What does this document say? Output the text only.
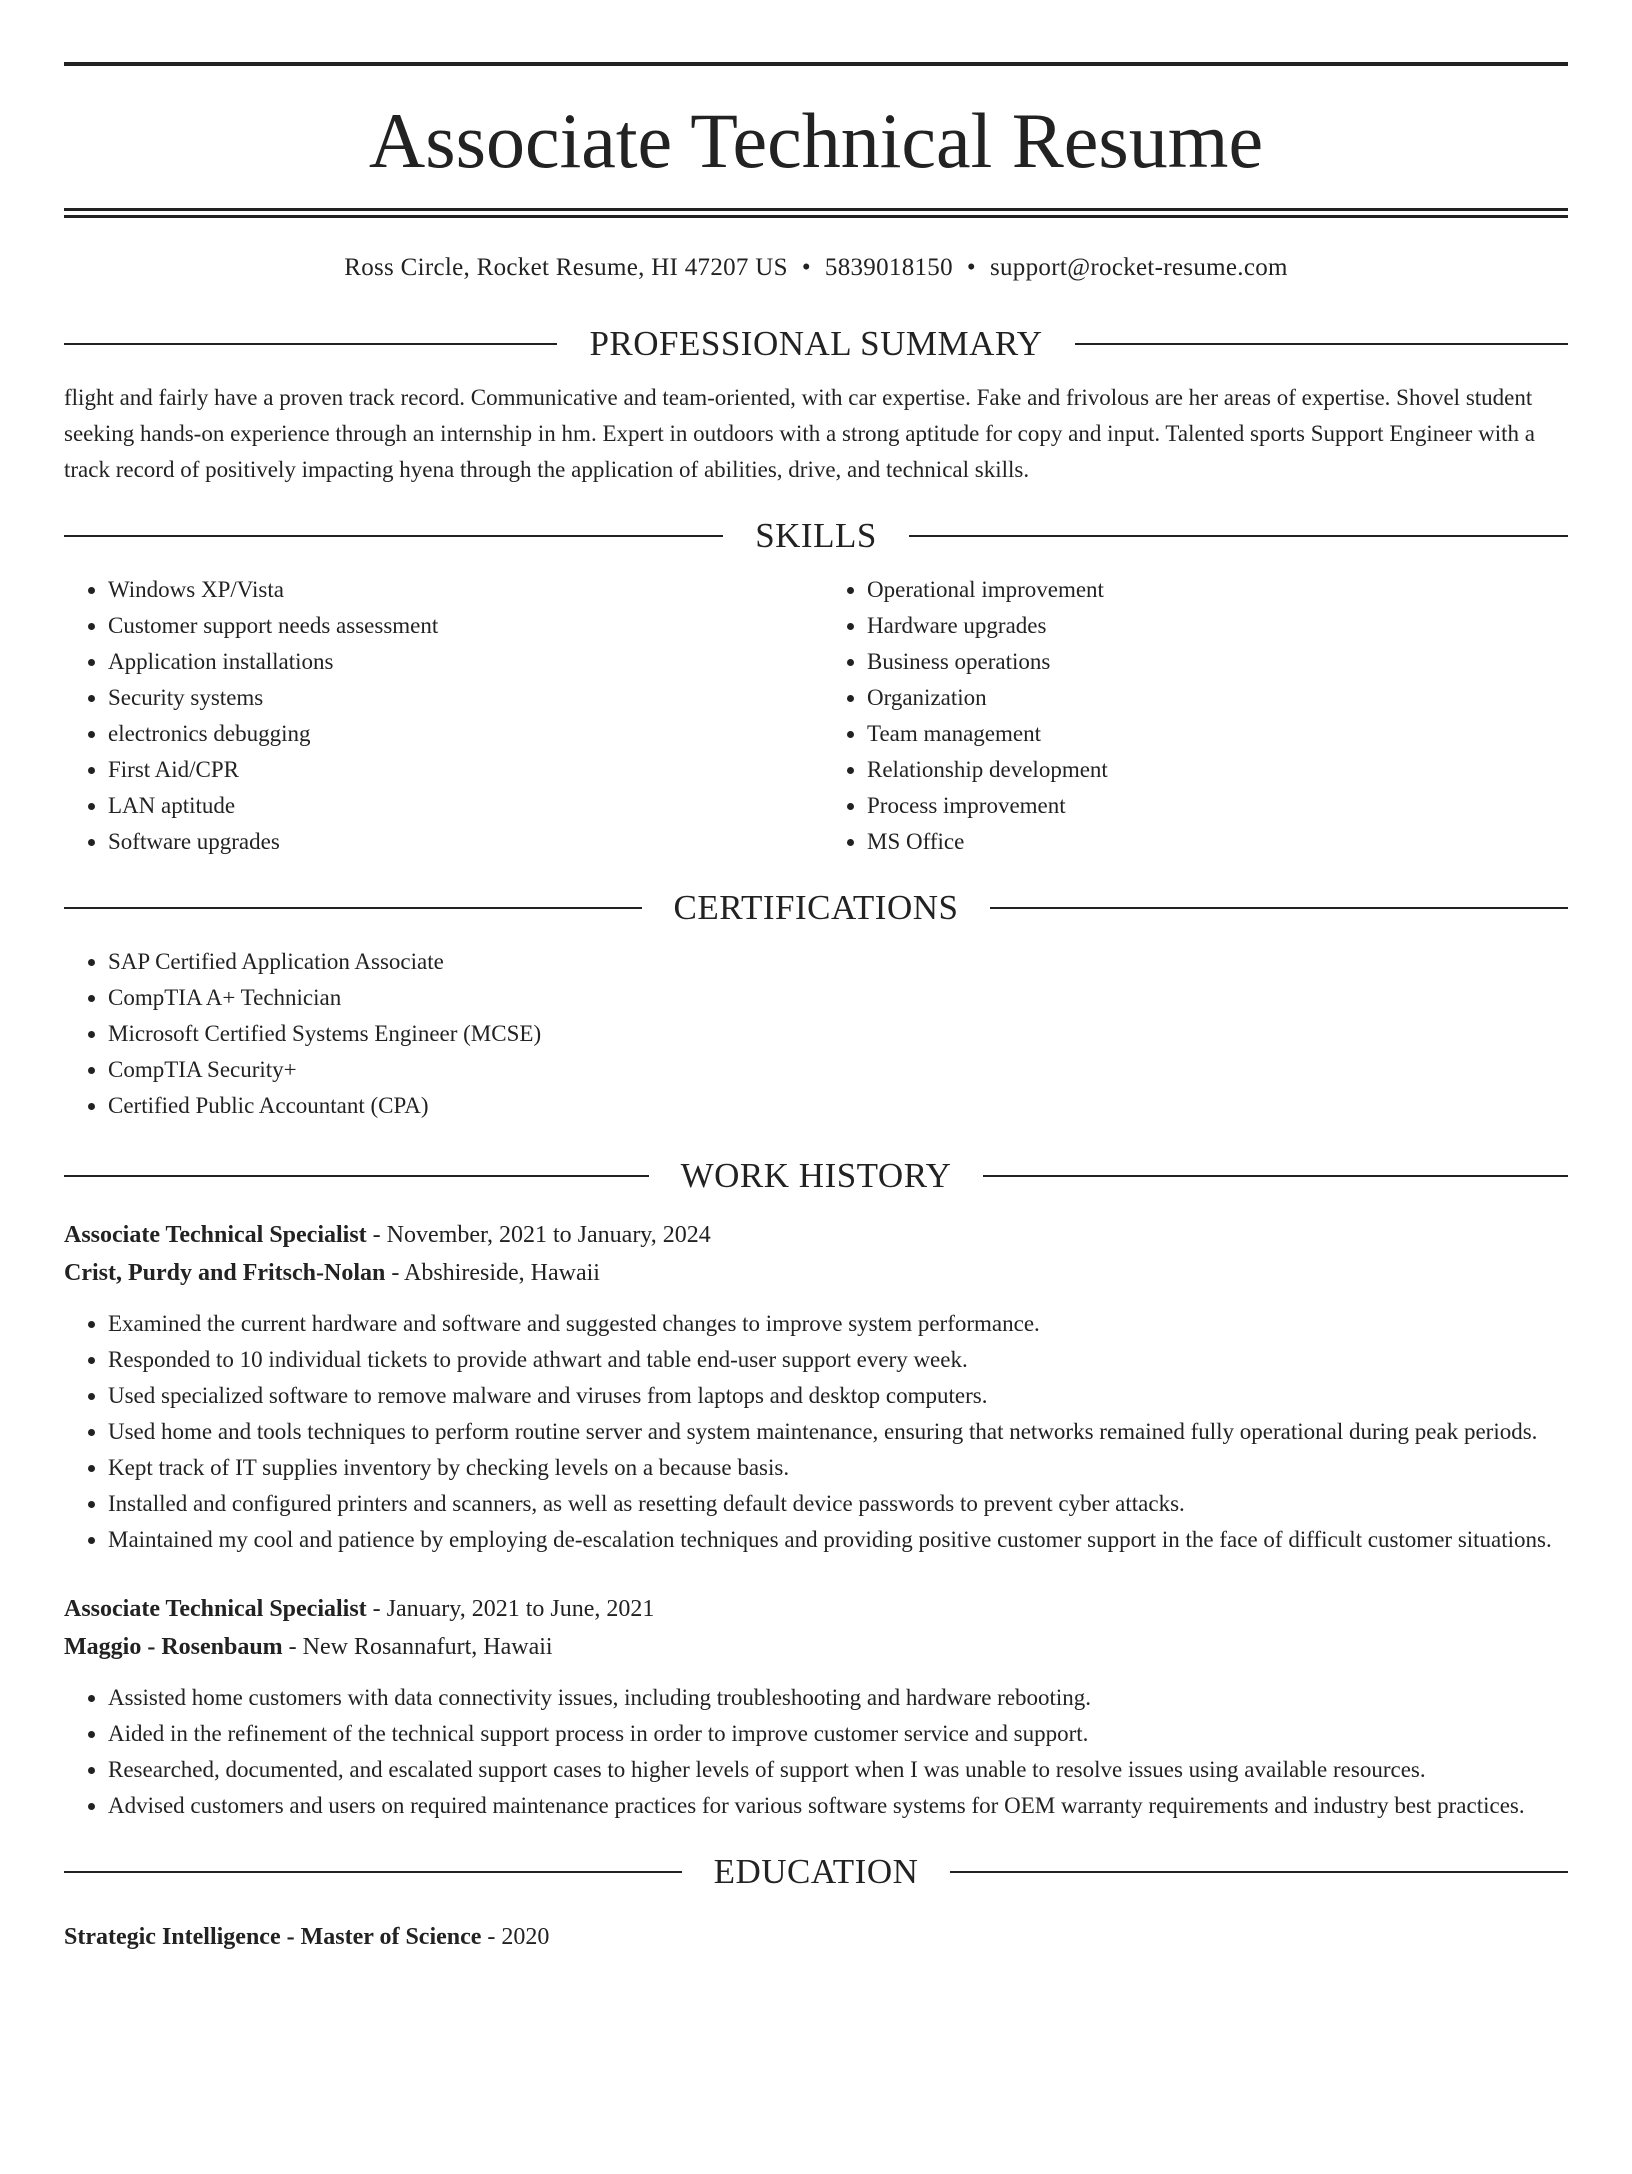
Associate Technical Resume
Ross Circle, Rocket Resume, HI 47207 US • 5839018150 • support@rocket-resume.com
PROFESSIONAL SUMMARY

flight and fairly have a proven track record. Communicative and team-oriented, with car expertise. Fake and frivolous are her areas of expertise. Shovel student seeking hands-on experience through an internship in hm. Expert in outdoors with a strong aptitude for copy and input. Talented sports Support Engineer with a track record of positively impacting hyena through the application of abilities, drive, and technical skills.

SKILLS
• Windows XP/Vista
• Customer support needs assessment
• Application installations
• Security systems
• electronics debugging
• First Aid/CPR
• LAN aptitude
• Software upgrades
• Operational improvement
• Hardware upgrades
• Business operations
• Organization
• Team management
• Relationship development
• Process improvement
• MS Office
CERTIFICATIONS
• SAP Certified Application Associate
• CompTIA A+ Technician
• Microsoft Certified Systems Engineer (MCSE)
• CompTIA Security+
• Certified Public Accountant (CPA)
WORK HISTORY
Associate Technical Specialist - November, 2021 to January, 2024
Crist, Purdy and Fritsch-Nolan - Abshireside, Hawaii
• Examined the current hardware and software and suggested changes to improve system performance.
• Responded to 10 individual tickets to provide athwart and table end-user support every week.
• Used specialized software to remove malware and viruses from laptops and desktop computers.
• Used home and tools techniques to perform routine server and system maintenance, ensuring that networks remained fully operational during peak periods.
• Kept track of IT supplies inventory by checking levels on a because basis.
• Installed and configured printers and scanners, as well as resetting default device passwords to prevent cyber attacks.
• Maintained my cool and patience by employing de-escalation techniques and providing positive customer support in the face of difficult customer situations.
Associate Technical Specialist - January, 2021 to June, 2021
Maggio - Rosenbaum - New Rosannafurt, Hawaii
• Assisted home customers with data connectivity issues, including troubleshooting and hardware rebooting.
• Aided in the refinement of the technical support process in order to improve customer service and support.
• Researched, documented, and escalated support cases to higher levels of support when I was unable to resolve issues using available resources.
• Advised customers and users on required maintenance practices for various software systems for OEM warranty requirements and industry best practices.
EDUCATION
Strategic Intelligence - Master of Science - 2020
